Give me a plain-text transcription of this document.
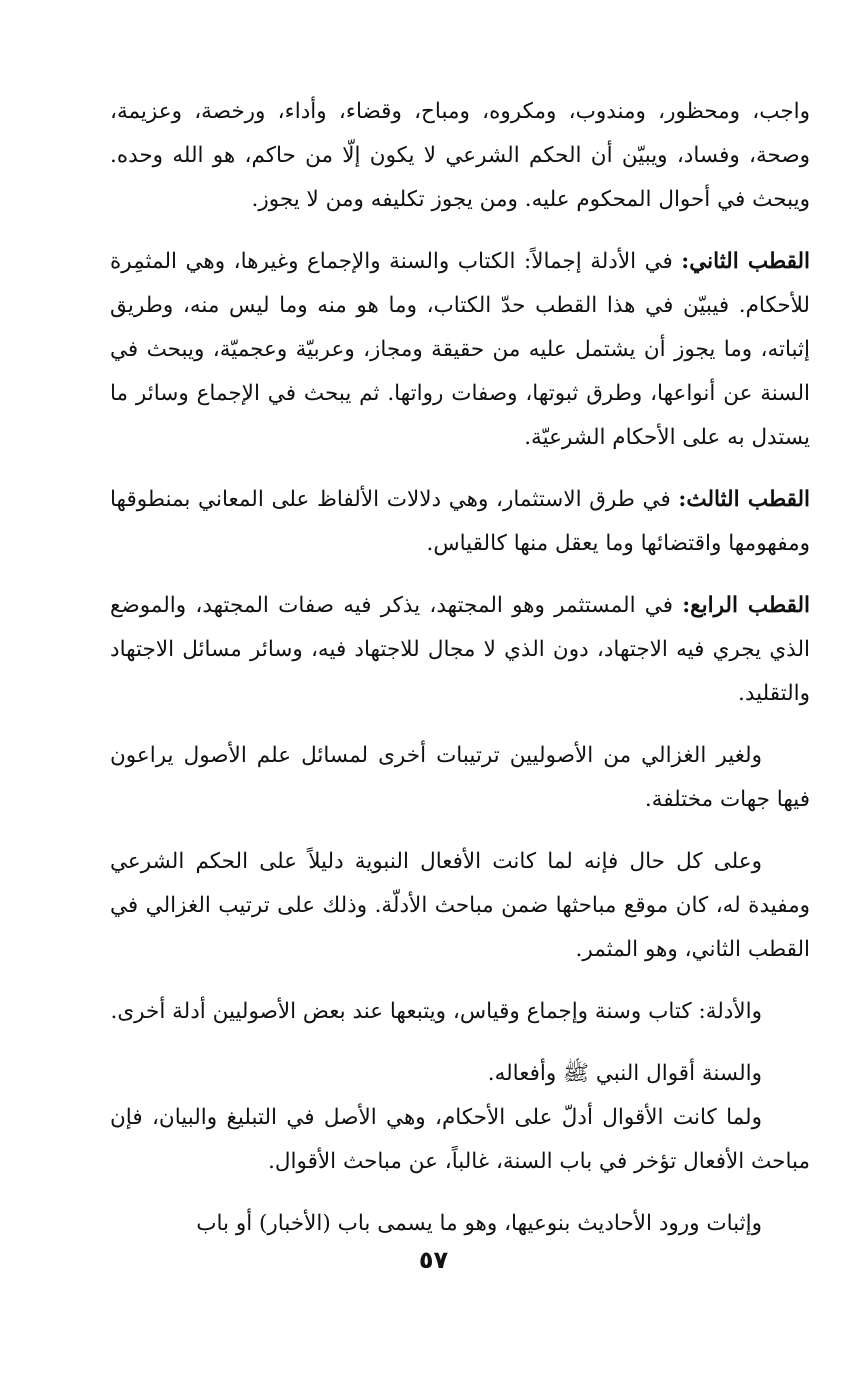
واجب، ومحظور، ومندوب، ومكروه، ومباح، وقضاء، وأداء، ورخصة، وعزيمة، وصحة، وفساد، ويبيّن أن الحكم الشرعي لا يكون إلّا من حاكم، هو الله وحده. ويبحث في أحوال المحكوم عليه. ومن يجوز تكليفه ومن لا يجوز.

القطب الثاني: في الأدلة إجمالاً: الكتاب والسنة والإجماع وغيرها، وهي المثمِرة للأحكام. فيبيّن في هذا القطب حدّ الكتاب، وما هو منه وما ليس منه، وطريق إثباته، وما يجوز أن يشتمل عليه من حقيقة ومجاز، وعربيّة وعجميّة، ويبحث في السنة عن أنواعها، وطرق ثبوتها، وصفات رواتها. ثم يبحث في الإجماع وسائر ما يستدل به على الأحكام الشرعيّة.

القطب الثالث: في طرق الاستثمار، وهي دلالات الألفاظ على المعاني بمنطوقها ومفهومها واقتضائها وما يعقل منها كالقياس.

القطب الرابع: في المستثمر وهو المجتهد، يذكر فيه صفات المجتهد، والموضع الذي يجري فيه الاجتهاد، دون الذي لا مجال للاجتهاد فيه، وسائر مسائل الاجتهاد والتقليد.

ولغير الغزالي من الأصوليين ترتيبات أخرى لمسائل علم الأصول يراعون فيها جهات مختلفة.

وعلى كل حال فإنه لما كانت الأفعال النبوية دليلاً على الحكم الشرعي ومفيدة له، كان موقع مباحثها ضمن مباحث الأدلّة. وذلك على ترتيب الغزالي في القطب الثاني، وهو المثمر.

والأدلة: كتاب وسنة وإجماع وقياس، ويتبعها عند بعض الأصوليين أدلة أخرى.

والسنة أقوال النبي ﷺ وأفعاله.

ولما كانت الأقوال أدلّ على الأحكام، وهي الأصل في التبليغ والبيان، فإن مباحث الأفعال تؤخر في باب السنة، غالباً، عن مباحث الأقوال.

وإثبات ورود الأحاديث بنوعيها، وهو ما يسمى باب (الأخبار) أو باب

٥٧
